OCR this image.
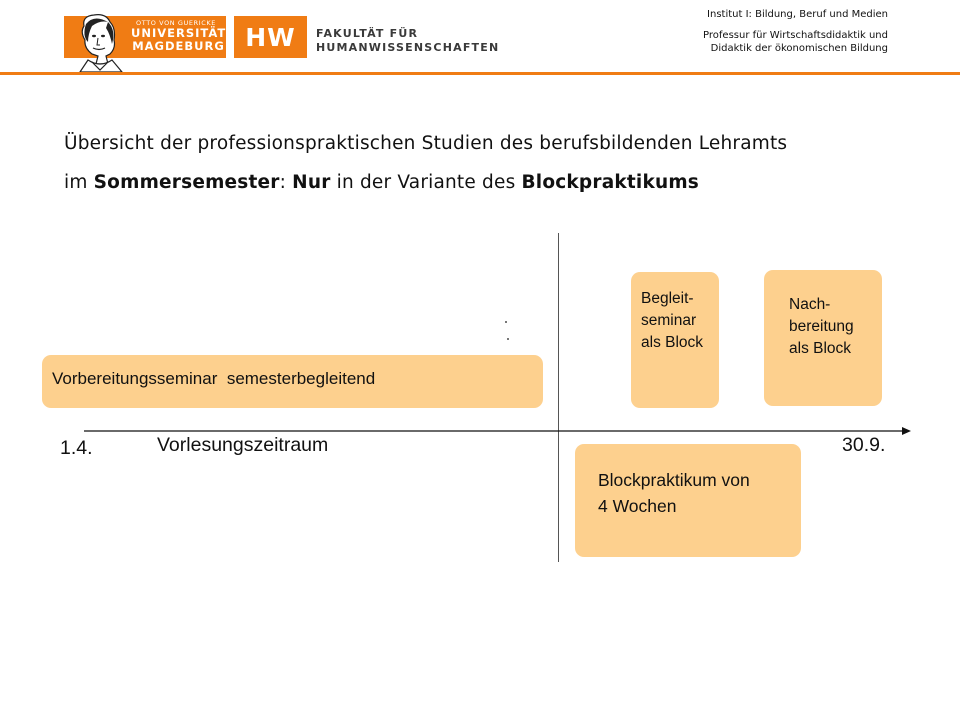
OTTO VON GUERICKE
UNIVERSITÄT
MAGDEBURG HW	FAKULTÄT FÜR
HUMANWISSENSCHAFTEN
Institut I: Bildung, Beruf und Medien
Professur für Wirtschaftsdidaktik und
Didaktik der ökonomischen Bildung
Übersicht der professionspraktischen Studien des berufsbildenden Lehramts
im Sommersemester: Nur in der Variante des Blockpraktikums
Vorbereitungsseminar  semesterbegleitend
Begleit-
seminar
als Block
Nach-
bereitung
als Block
Blockpraktikum von
4 Wochen
1.4.	Vorlesungszeitraum	30.9.
